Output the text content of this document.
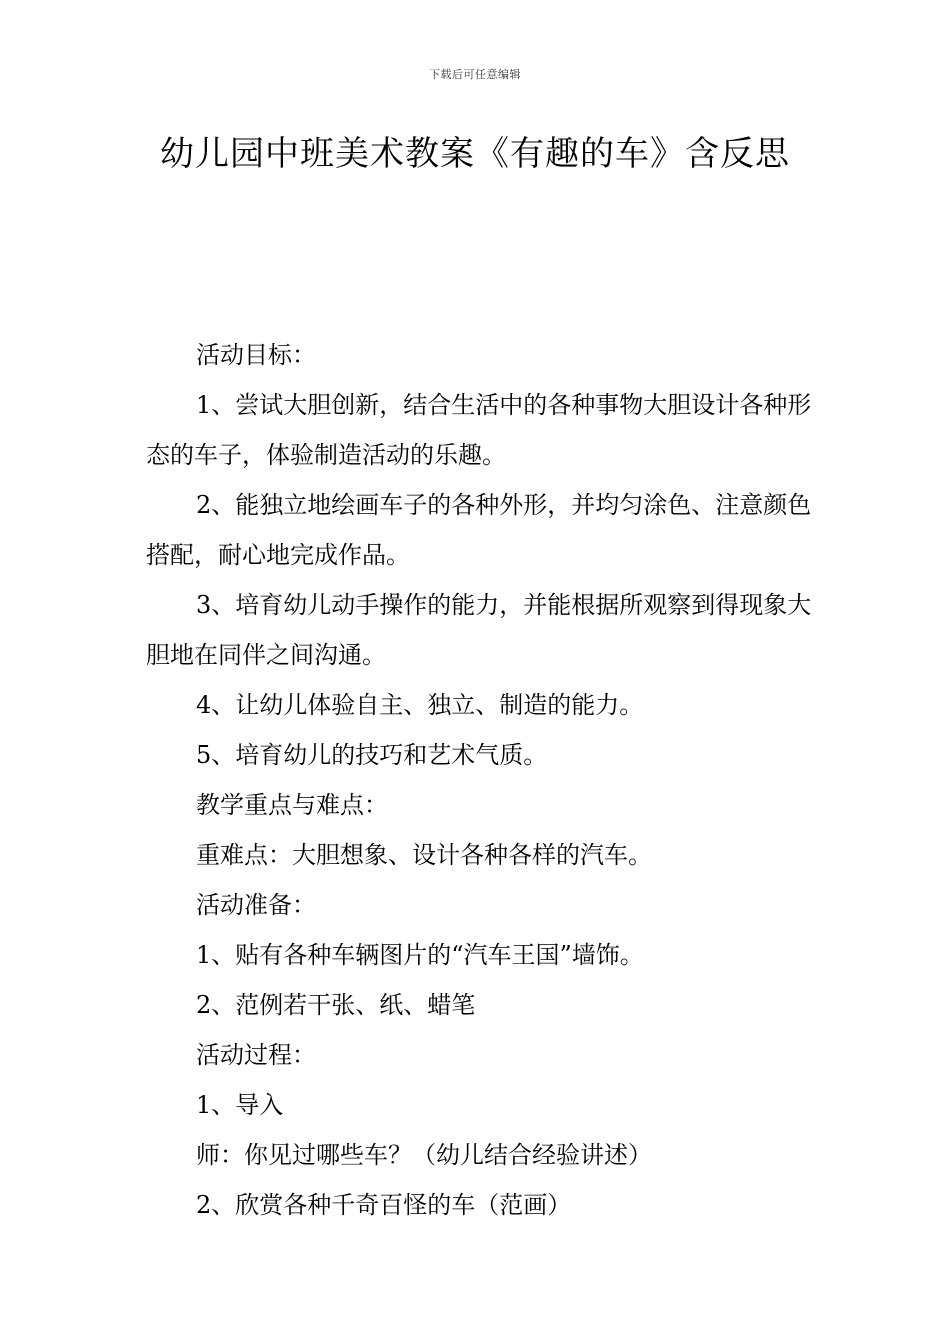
下载后可任意编辑
幼儿园中班美术教案《有趣的车》含反思

活动目标：

1、尝试大胆创新，结合生活中的各种事物大胆设计各种形态的车子，体验制造活动的乐趣。

2、能独立地绘画车子的各种外形，并均匀涂色、注意颜色搭配，耐心地完成作品。

3、培育幼儿动手操作的能力，并能根据所观察到得现象大胆地在同伴之间沟通。

4、让幼儿体验自主、独立、制造的能力。

5、培育幼儿的技巧和艺术气质。

教学重点与难点：

重难点：大胆想象、设计各种各样的汽车。

活动准备：

1、贴有各种车辆图片的“汽车王国”墙饰。

2、范例若干张、纸、蜡笔

活动过程：

1、导入

师：你见过哪些车？（幼儿结合经验讲述）

2、欣赏各种千奇百怪的车（范画）
